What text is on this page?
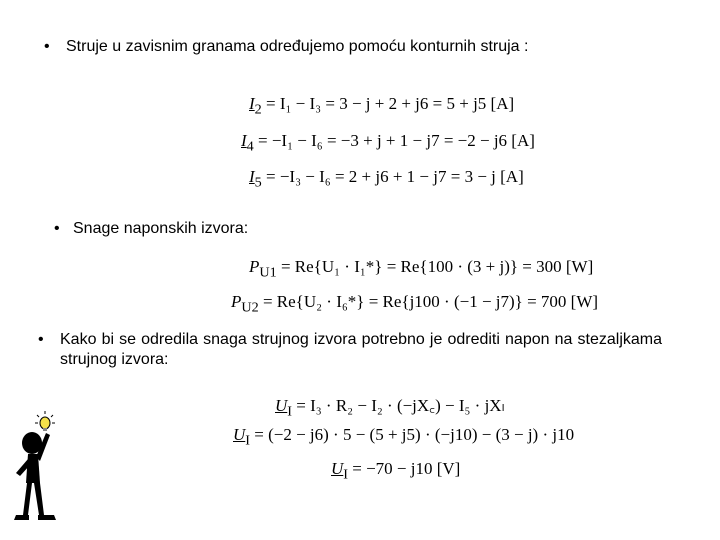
• Struje u zavisnim granama određujemo pomoću konturnih struja :
$I_2 = I_1 - I_3 = 3 - j + 2 + j6 = 5 + j5$ [A]
$I_4 = -I_1 - I_6 = -3 + j + 1 - j7 = -2 - j6$ [A]
$I_5 = -I_3 - I_6 = 2 + j6 + 1 - j7 = 3 - j$ [A]
• Snage naponskih izvora:
$P_{U1} = Re\{U_1 \cdot I_1*\} = Re\{100 \cdot (3 + j)\} = 300$ [W]
$P_{U2} = Re\{U_2 \cdot I_6*\} = Re\{j100 \cdot (-1 - j7)\} = 700$ [W]
• Kako bi se odredila snaga strujnog izvora potrebno je odrediti napon na stezaljkama strujnog izvora:
$U_I = I_3 \cdot R_2 - I_2$ · (−jX꜀) − I₅ · jXₗ
$U_I = (-2 - j6) \cdot 5 - (5 + j5) \cdot (-j10) - (3 - j) \cdot j10$
$U_I = -70 - j10$ [V]
